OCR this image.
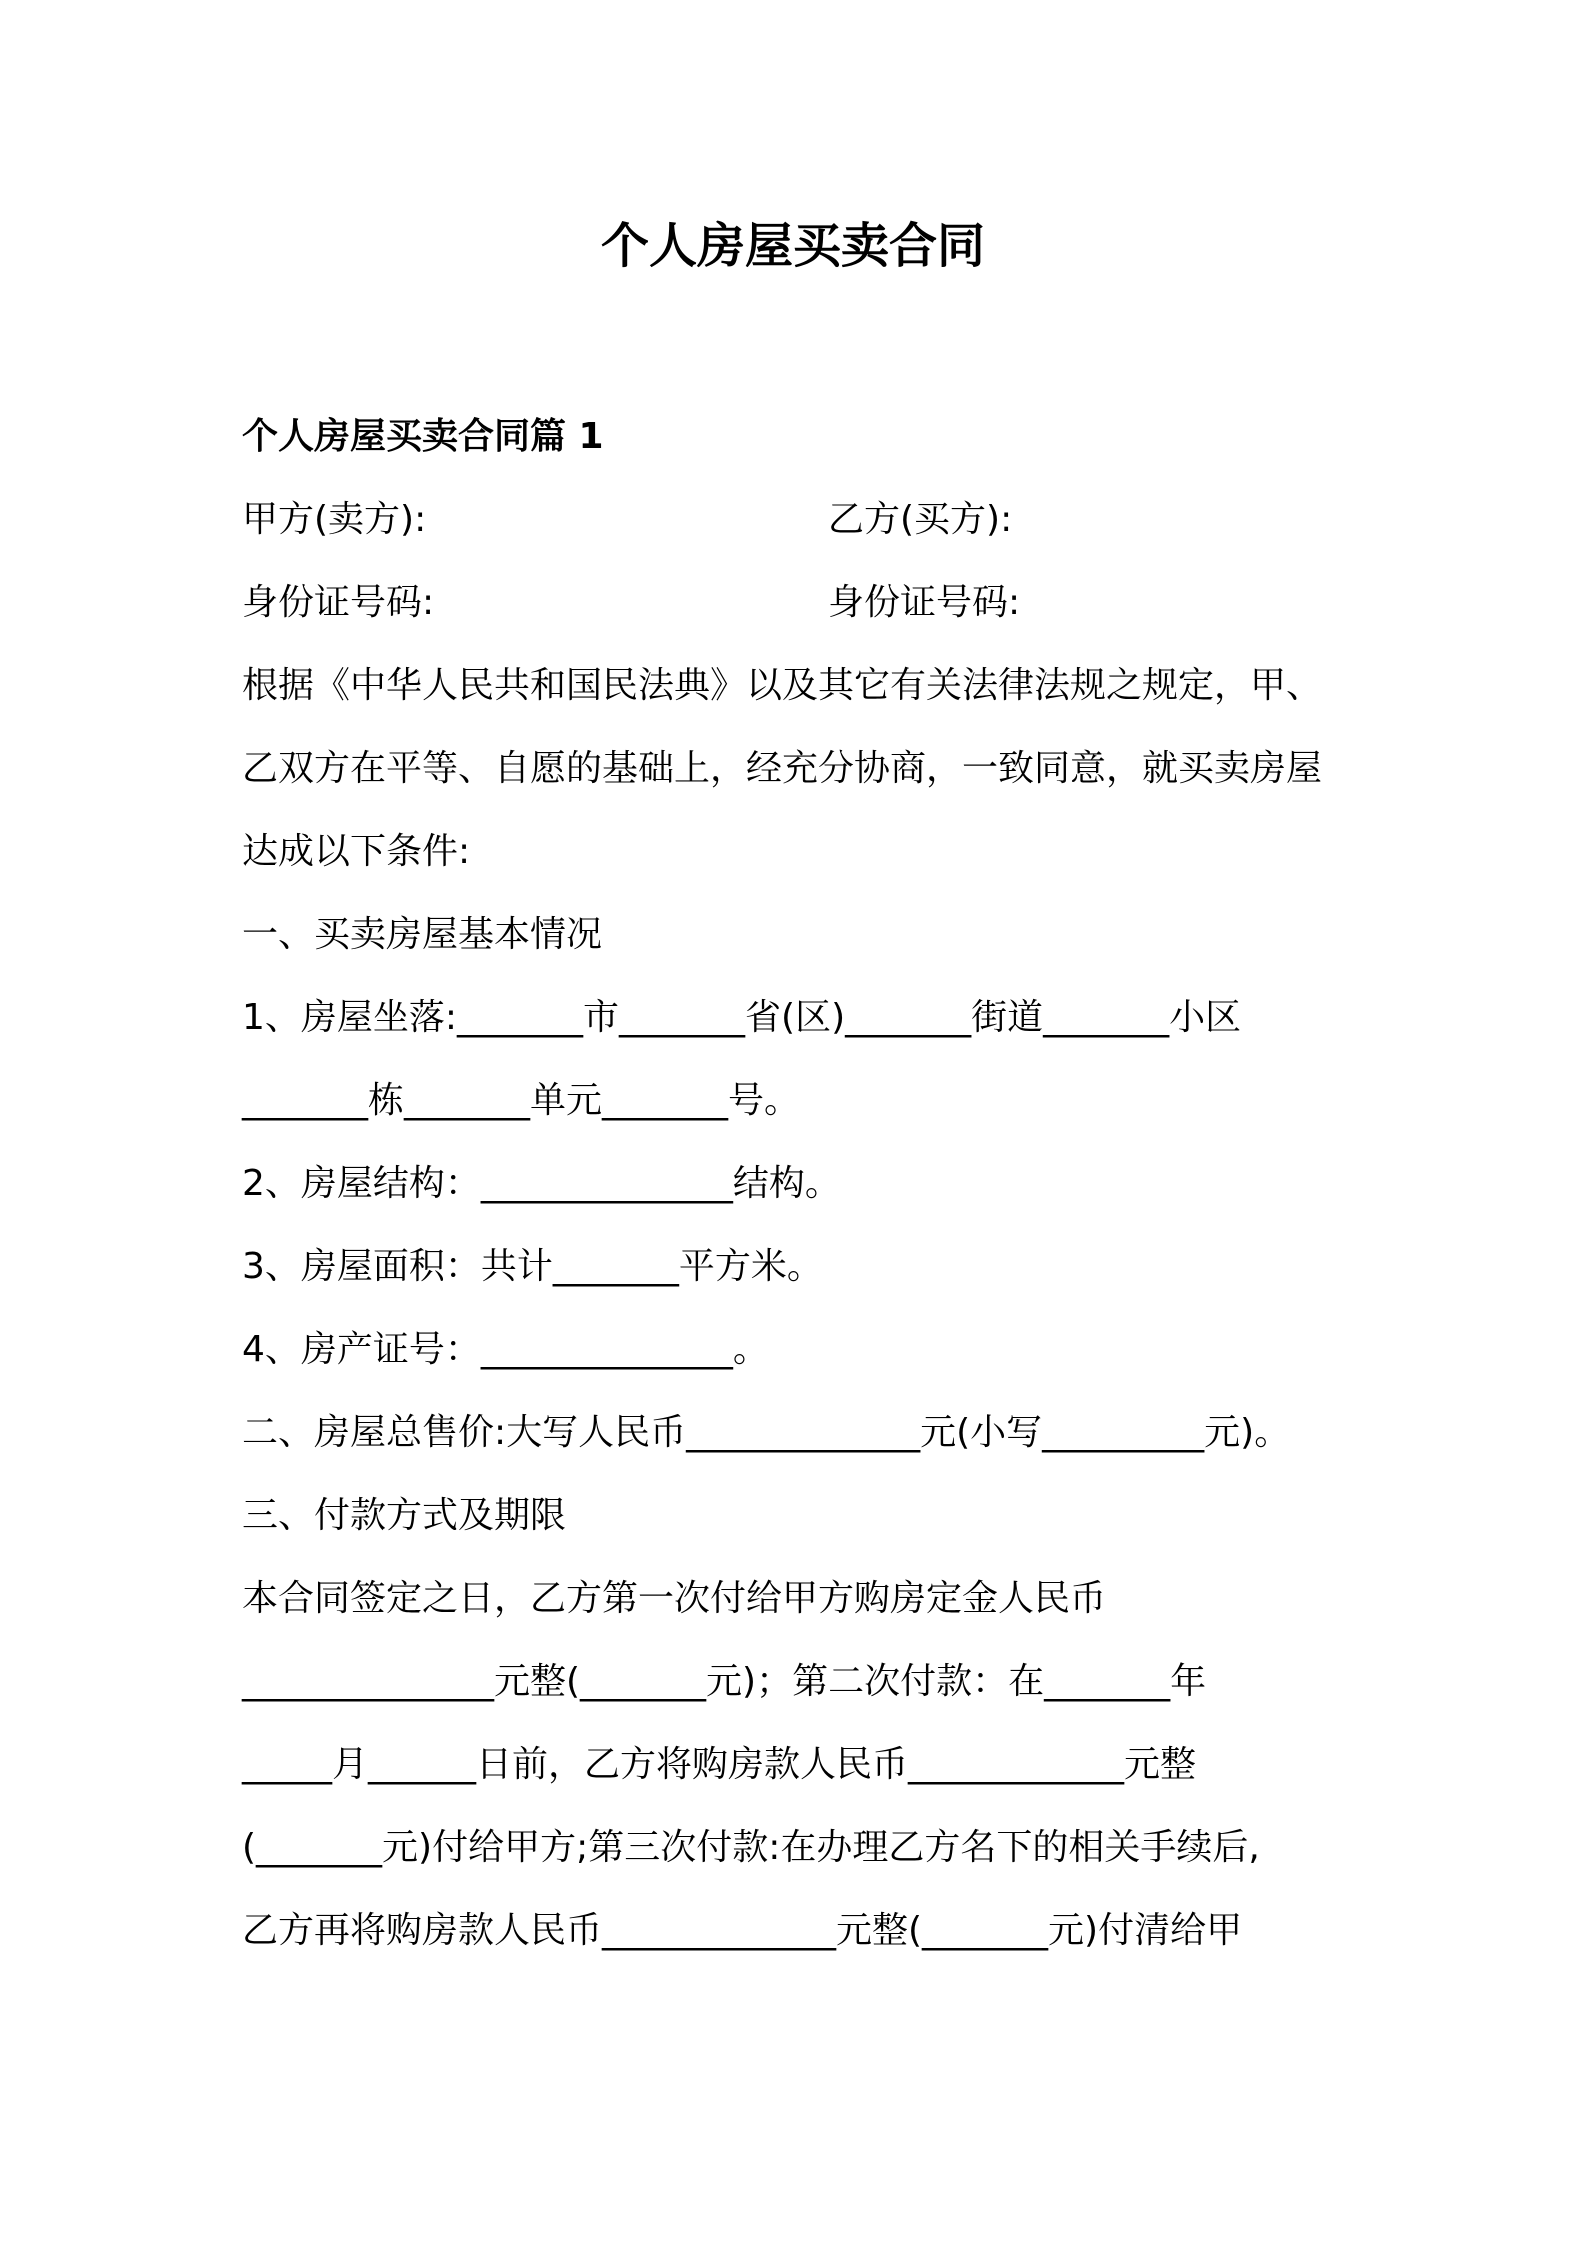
个人房屋买卖合同
个人房屋买卖合同篇 1
甲方(卖方):	乙方(买方):
身份证号码:	身份证号码:
根据《中华人民共和国民法典》以及其它有关法律法规之规定，甲、
乙双方在平等、自愿的基础上，经充分协商，一致同意，就买卖房屋
达成以下条件:
一、买卖房屋基本情况
1、房屋坐落:_______市_______省(区)_______街道_______小区
_______栋_______单元_______号。
2、房屋结构：______________结构。
3、房屋面积：共计_______平方米。
4、房产证号：______________。
二、房屋总售价:大写人民币_____________元(小写_________元)。
三、付款方式及期限
本合同签定之日，乙方第一次付给甲方购房定金人民币
______________元整(_______元)；第二次付款：在_______年
_____月______日前，乙方将购房款人民币____________元整
(_______元)付给甲方;第三次付款:在办理乙方名下的相关手续后,
乙方再将购房款人民币_____________元整(_______元)付清给甲
